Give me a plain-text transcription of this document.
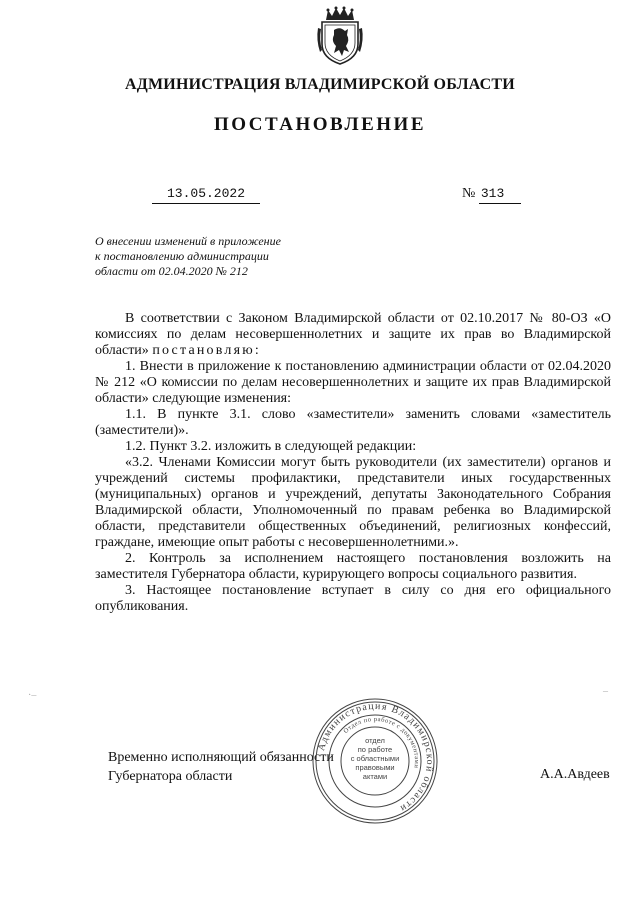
АДМИНИСТРАЦИЯ ВЛАДИМИРСКОЙ ОБЛАСТИ
ПОСТАНОВЛЕНИЕ
13.05.2022	№ 313
О внесении изменений в приложение
к постановлению администрации
области от 02.04.2020 № 212

В соответствии с Законом Владимирской области от 02.10.2017 № 80-ОЗ «О комиссиях по делам несовершеннолетних и защите их прав во Владимирской области» постановляю:

1. Внести в приложение к постановлению администрации области от 02.04.2020 № 212 «О комиссии по делам несовершеннолетних и защите их прав Владимирской области» следующие изменения:

1.1. В пункте 3.1. слово «заместители» заменить словами «заместитель (заместители)».

1.2. Пункт 3.2. изложить в следующей редакции:

«3.2. Членами Комиссии могут быть руководители (их заместители) органов и учреждений системы профилактики, представители иных государственных (муниципальных) органов и учреждений, депутаты Законодательного Собрания Владимирской области, Уполномоченный по правам ребенка во Владимирской области, представители общественных объединений, религиозных конфессий, граждане, имеющие опыт работы с несовершеннолетними.».

2. Контроль за исполнением настоящего постановления возложить на заместителя Губернатора области, курирующего вопросы социального развития.

3. Настоящее постановление вступает в силу со дня его официального опубликования.

Временно исполняющий обязанности
Губернатора области	А.А.Авдеев
Администрация Владимирской области
Отдел по работе с документами
отдел
по работе
с областными
правовыми
актами
·–	–
